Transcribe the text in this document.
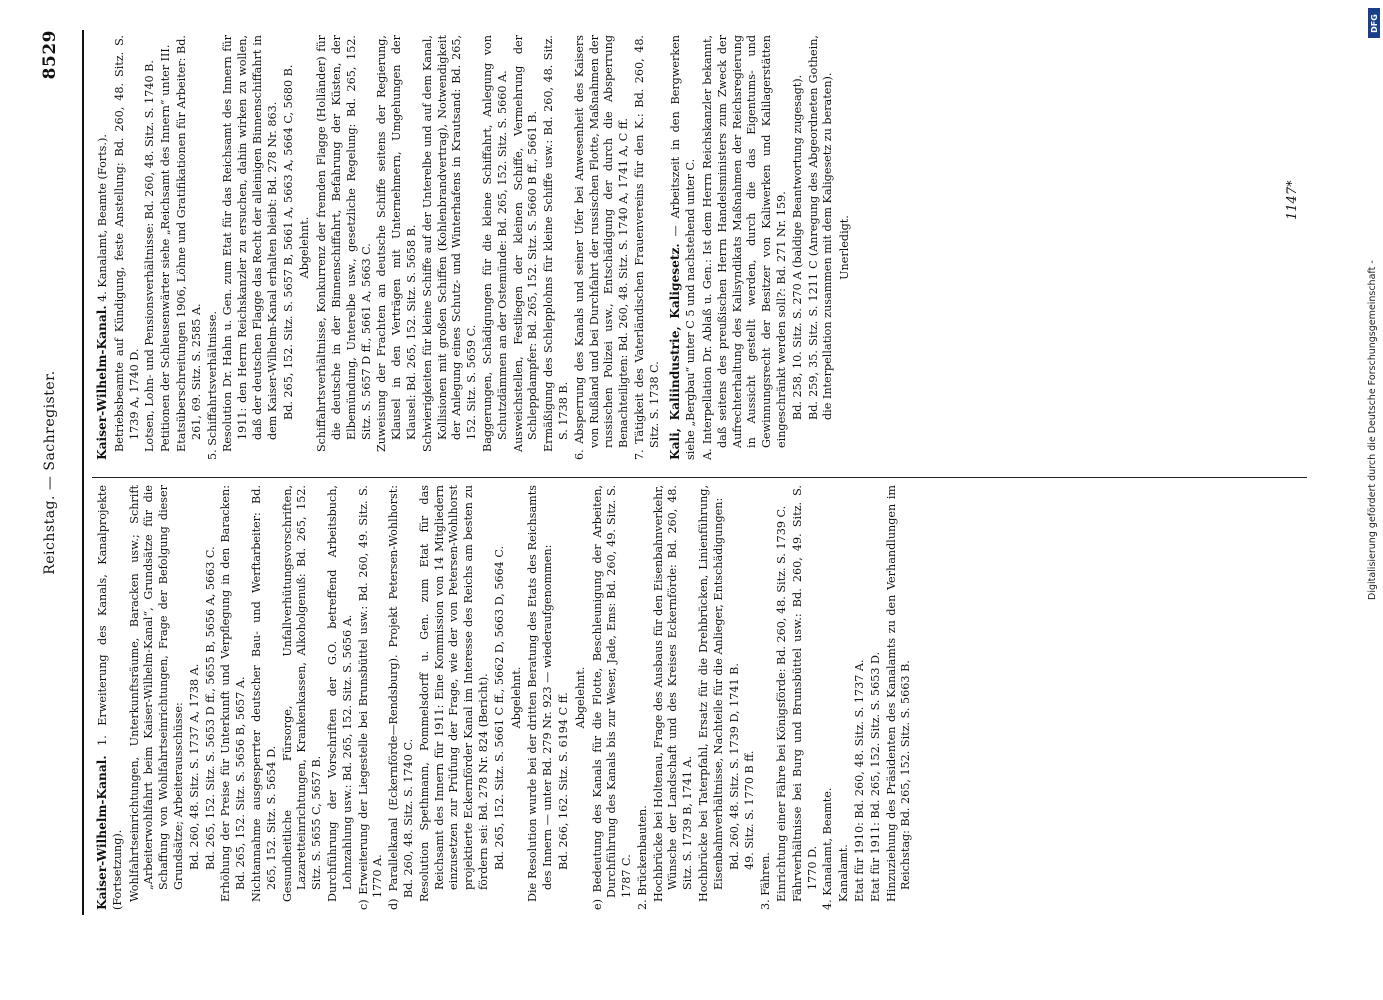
Reichstag. — Sachregister.
8529
Kaiser-Wilhelm-Kanal. 1. Erweiterung des Kanals, Kanalprojekte (Fortsetzung). Wohlfahrtseinrichtungen, Unterkunftsräume, Baracken usw.; Schrift „Arbeiterwohlfahrt beim Kaiser-Wilhelm-Kanal“, Grundsätze für die Schaffung von Wohlfahrtseinrichtungen, Frage der Befolgung dieser Grundsätze; Arbeiterausschüsse: Bd. 260, 48. Sitz. S. 1737 A, 1738 A. Bd. 265, 152. Sitz. S. 5653 D ff., 5655 B, 5656 A, 5663 C. Erhöhung der Preise für Unterkunft und Verpflegung in den Baracken: Bd. 265, 152. Sitz. S. 5656 B, 5657 A. Nichtannahme ausgesperrter deutscher Bau- und Werftarbeiter: Bd. 265, 152. Sitz. S. 5654 D. Gesundheitliche Fürsorge, Unfallverhütungsvorschriften, Lazaretteinrichtungen, Krankenkassen, Alkoholgenuß: Bd. 265, 152. Sitz. S. 5655 C, 5657 B. Durchführung der Vorschriften der G.O. betreffend Arbeitsbuch, Lohnzahlung usw.: Bd. 265, 152. Sitz. S. 5656 A. c) Erweiterung der Liegestelle bei Brunsbüttel usw.: Bd. 260, 49. Sitz. S. 1770 A. d) Parallelkanal (Eckernförde—Rendsburg). Projekt Petersen-Wohlhorst: Bd. 260, 48. Sitz. S. 1740 C. Resolution Spethmann, Pommelsdorff u. Gen. zum Etat für das Reichsamt des Innern für 1911: Eine Kommission von 14 Mitgliedern einzusetzen zur Prüfung der Frage, wie der von Petersen-Wohlhorst projektierte Eckernförder Kanal im Interesse des Reichs am besten zu fördern sei: Bd. 278 Nr. 824 (Bericht). Bd. 265, 152. Sitz. S. 5661 C ff., 5662 D, 5663 D, 5664 C. Abgelehnt. Die Resolution wurde bei der dritten Beratung des Etats des Reichsamts des Innern — unter Bd. 279 Nr. 923 — wiederaufgenommen: Bd. 266, 162. Sitz. S. 6194 C ff. Abgelehnt. e) Bedeutung des Kanals für die Flotte, Beschleunigung der Arbeiten, Durchführung des Kanals bis zur Weser, Jade, Ems: Bd. 260, 49. Sitz. S. 1787 C. 2. Brückenbauten. Hochbrücke bei Holtenau, Frage des Ausbaus für den Eisenbahnverkehr, Wünsche der Landschaft und des Kreises Eckernförde: Bd. 260, 48. Sitz. S. 1739 B, 1741 A. Hochbrücke bei Taterpfahl, Ersatz für die Drehbrücken, Linienführung, Eisenbahnverhältnisse, Nachteile für die Anlieger, Entschädigungen: Bd. 260, 48. Sitz. S. 1739 D, 1741 B. 49. Sitz. S. 1770 B ff.
3. Fähren. Einrichtung einer Fähre bei Königsförde: Bd. 260, 48. Sitz. S. 1739 C. Fährverhältnisse bei Burg und Brunsbüttel usw.: Bd. 260, 49. Sitz. S. 1770 D. 4. Kanalamt, Beamte. Kanalamt. Etat für 1910: Bd. 260, 48. Sitz. S. 1737 A. Etat für 1911: Bd. 265, 152. Sitz. S. 5653 D. Hinzuziehung des Präsidenten des Kanalamts zu den Verhandlungen im Reichstag: Bd. 265, 152. Sitz. S. 5663 B.
Kaiser-Wilhelm-Kanal. 4. Kanalamt, Beamte (Forts.). Betriebsbeamte auf Kündigung, feste Anstellung: Bd. 260, 48. Sitz. S. 1739 A, 1740 D. Lotsen, Lohn- und Pensionsverhältnisse: Bd. 260, 48. Sitz. S. 1740 B. Petitionen der Schleusenwärter siehe „Reichsamt des Innern“ unter III. Etatsüberschreitungen 1906, Löhne und Gratifikationen für Arbeiter: Bd. 261, 69. Sitz. S. 2585 A. 5. Schiffahrtsverhältnisse. Resolution Dr. Hahn u. Gen. zum Etat für das Reichsamt des Innern für 1911: den Herrn Reichskanzler zu ersuchen, dahin wirken zu wollen, daß der deutschen Flagge das Recht der alleinigen Binnenschiffahrt in dem Kaiser-Wilhelm-Kanal erhalten bleibt: Bd. 278 Nr. 863. Bd. 265, 152. Sitz. S. 5657 B, 5661 A, 5663 A, 5664 C, 5680 B. Abgelehnt. Schiffahrtsverhältnisse, Konkurrenz der fremden Flagge (Holländer) für die deutsche in der Binnenschiffahrt, Befahrung der Küsten, der Elbemündung, Unterelbe usw., gesetzliche Regelung: Bd. 265, 152. Sitz. S. 5657 D ff., 5661 A, 5663 C. Zuweisung der Frachten an deutsche Schiffe seitens der Regierung, Klausel in den Verträgen mit Unternehmern, Umgehungen der Klausel: Bd. 265, 152. Sitz. S. 5658 B. Schwierigkeiten für kleine Schiffe auf der Unterelbe und auf dem Kanal, Kollisionen mit großen Schiffen (Kohlenbrandvertrag), Notwendigkeit der Anlegung eines Schutz- und Winterhafens in Krautsand: Bd. 265, 152. Sitz. S. 5659 C. Baggerungen, Schädigungen für die kleine Schiffahrt, Anlegung von Schutzdämmen an der Ostemünde: Bd. 265, 152. Sitz. S. 5660 A. Ausweichstellen, Festliegen der kleinen Schiffe, Vermehrung der Schleppdampfer: Bd. 265, 152. Sitz. S. 5660 B ff., 5661 B. Ermäßigung des Schlepplohns für kleine Schiffe usw.: Bd. 260, 48. Sitz. S. 1738 B. 6. Absperrung des Kanals und seiner Ufer bei Anwesenheit des Kaisers von Rußland und bei Durchfahrt der russischen Flotte, Maßnahmen der russischen Polizei usw., Entschädigung der durch die Absperrung Benachteiligten: Bd. 260, 48. Sitz. S. 1740 A, 1741 A, C ff. 7. Tätigkeit des Vaterländischen Frauenvereins für den K.: Bd. 260, 48. Sitz. S. 1738 C. Kali, Kaliindustrie, Kaligesetz. — Arbeitszeit in den Bergwerken siehe „Bergbau“ unter C 5 und nachstehend unter C. A. Interpellation Dr. Ablaß u. Gen.: Ist dem Herrn Reichskanzler bekannt, daß seitens des preußischen Herrn Handelsministers zum Zweck der Aufrechterhaltung des Kalisyndikats Maßnahmen der Reichsregierung in Aussicht gestellt werden, durch die das Eigentums- und Gewinnungsrecht der Besitzer von Kaliwerken und Kalilagerstätten eingeschränkt werden soll?: Bd. 271 Nr. 159. Bd. 258, 10. Sitz. S. 270 A (baldige Beantwortung zugesagt). Bd. 259, 35. Sitz. S. 1211 C (Anregung des Abgeordneten Gothein, die Interpellation zusammen mit dem Kaligesetz zu beraten). Unerledigt.
1147*
Digitalisierung gefördert durch die Deutsche Forschungsgemeinschaft -
DFG
